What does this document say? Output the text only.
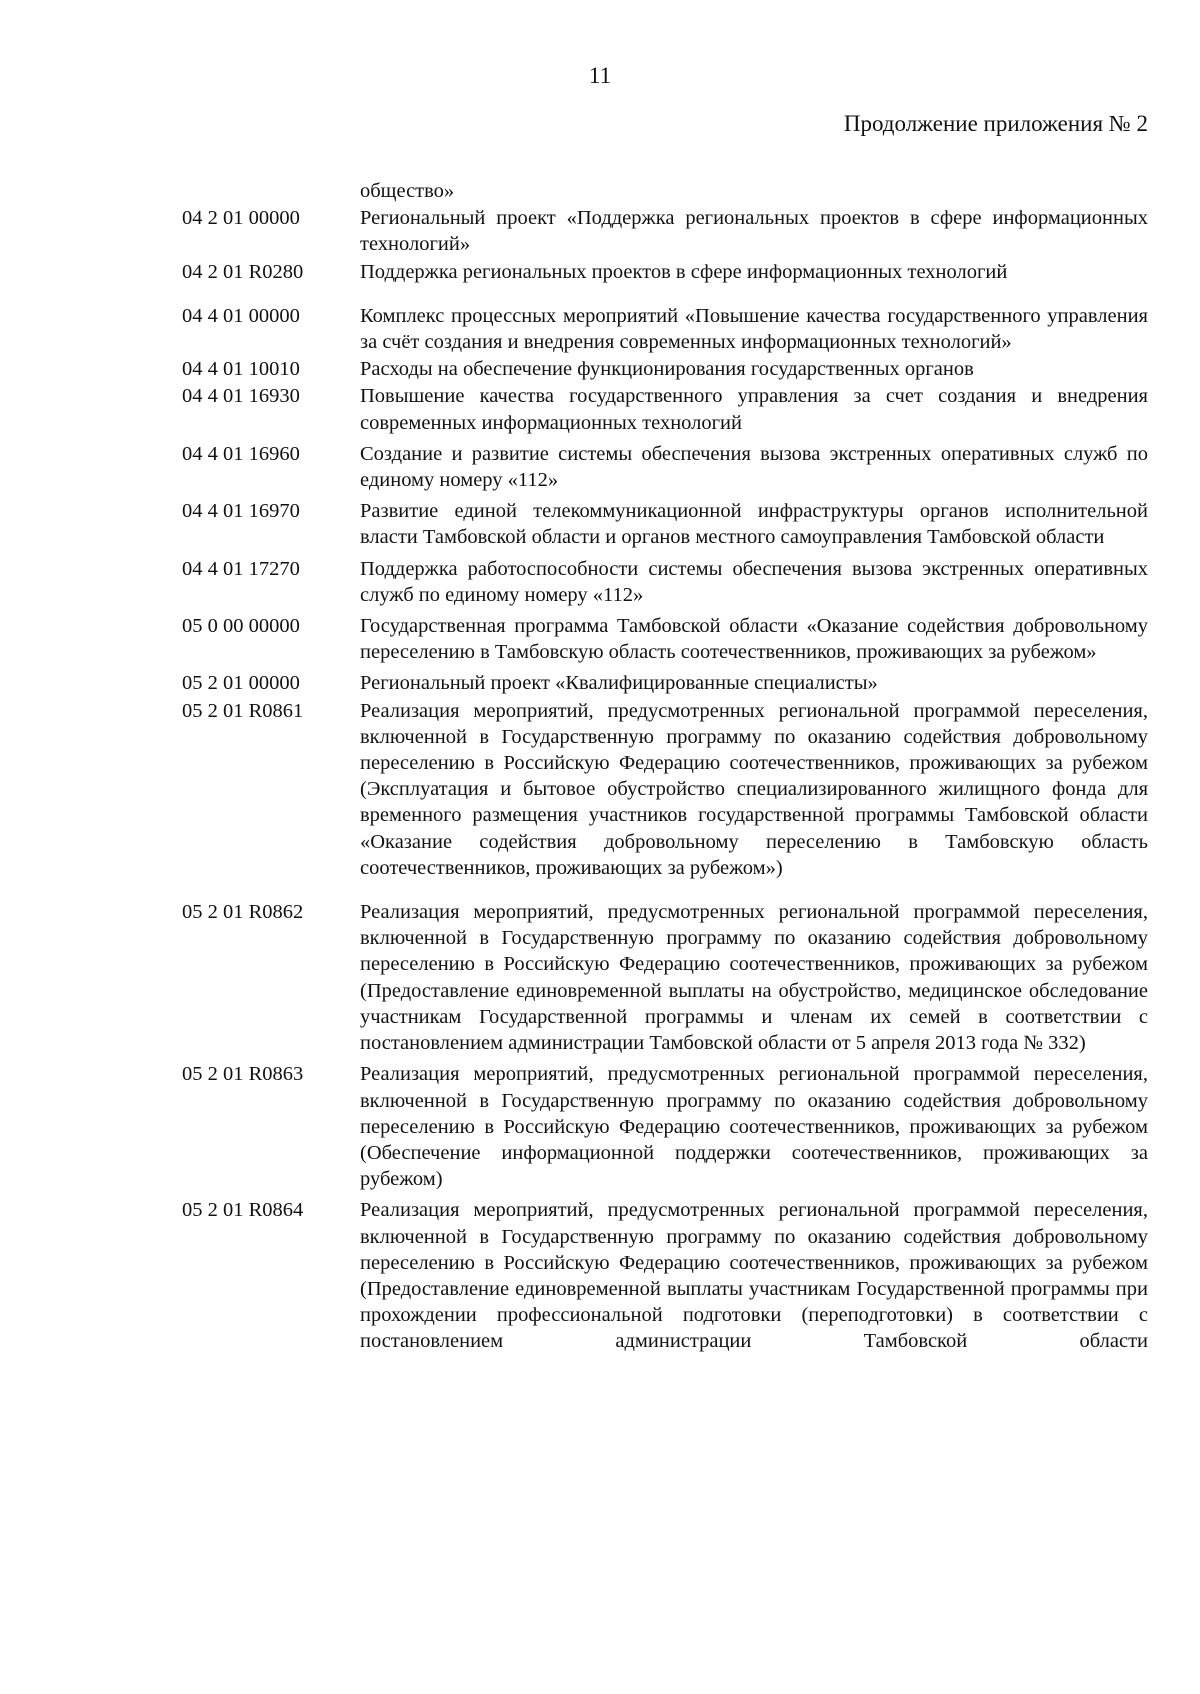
11
Продолжение приложения № 2
общество»
04 2 01 00000	Региональный проект «Поддержка региональных проектов в сфере информационных технологий»
04 2 01 R0280	Поддержка региональных проектов в сфере информационных технологий
04 4 01 00000	Комплекс процессных мероприятий «Повышение качества государственного управления за счёт создания и внедрения современных информационных технологий»
04 4 01 10010	Расходы на обеспечение функционирования государственных органов
04 4 01 16930	Повышение качества государственного управления за счет создания и внедрения современных информационных технологий
04 4 01 16960	Создание и развитие системы обеспечения вызова экстренных оперативных служб по единому номеру «112»
04 4 01 16970	Развитие единой телекоммуникационной инфраструктуры органов исполнительной власти Тамбовской области и органов местного самоуправления Тамбовской области
04 4 01 17270	Поддержка работоспособности системы обеспечения вызова экстренных оперативных служб по единому номеру «112»
05 0 00 00000	Государственная программа Тамбовской области «Оказание содействия добровольному переселению в Тамбовскую область соотечественников, проживающих за рубежом»
05 2 01 00000	Региональный проект «Квалифицированные специалисты»
05 2 01 R0861	Реализация мероприятий, предусмотренных региональной программой переселения, включенной в Государственную программу по оказанию содействия добровольному переселению в Российскую Федерацию соотечественников, проживающих за рубежом (Эксплуатация и бытовое обустройство специализированного жилищного фонда для временного размещения участников государственной программы Тамбовской области «Оказание содействия добровольному переселению в Тамбовскую область соотечественников, проживающих за рубежом»)
05 2 01 R0862	Реализация мероприятий, предусмотренных региональной программой переселения, включенной в Государственную программу по оказанию содействия добровольному переселению в Российскую Федерацию соотечественников, проживающих за рубежом (Предоставление единовременной выплаты на обустройство, медицинское обследование участникам Государственной программы и членам их семей в соответствии с постановлением администрации Тамбовской области от 5 апреля 2013 года № 332)
05 2 01 R0863	Реализация мероприятий, предусмотренных региональной программой переселения, включенной в Государственную программу по оказанию содействия добровольному переселению в Российскую Федерацию соотечественников, проживающих за рубежом (Обеспечение информационной поддержки соотечественников, проживающих за рубежом)
05 2 01 R0864	Реализация мероприятий, предусмотренных региональной программой переселения, включенной в Государственную программу по оказанию содействия добровольному переселению в Российскую Федерацию соотечественников, проживающих за рубежом (Предоставление единовременной выплаты участникам Государственной программы при прохождении профессиональной подготовки (переподготовки) в соответствии с постановлением администрации Тамбовской области
